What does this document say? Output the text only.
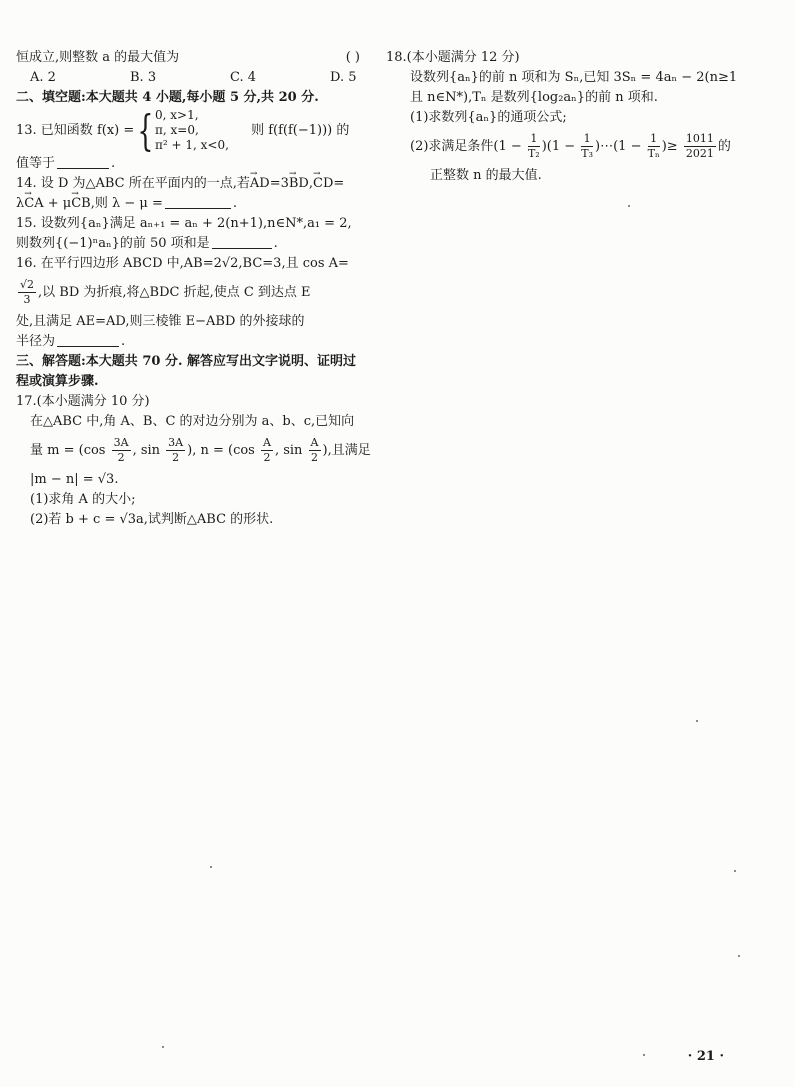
恒成立,则整数 a 的最大值为	( )
A. 2	B. 3	C. 4	D. 5
二、填空题:本大题共 4 小题,每小题 5 分,共 20 分.
13. 已知函数 f(x) ={ 0, x>1,
π, x=0,
π² + 1, x<0,
则 f(f(f(−1))) 的
值等于	.
14. 设 D 为△ABC 所在平面内的一点,若→ AD=3→ BD,→ CD=
λ→ CA + μ→ CB,则 λ − μ =	.
15. 设数列{aₙ}满足 aₙ₊₁ = aₙ + 2(n+1),n∈N*,a₁ = 2,
则数列{(−1)ⁿaₙ}的前 50 项和是	.
16. 在平行四边形 ABCD 中,AB=2√2,BC=3,且 cos A=
$\frac{√2}{3}$ ,以 BD 为折痕,将△BDC 折起,使点 C 到达点 E
处,且满足 AE=AD,则三棱锥 E−ABD 的外接球的
半径为	.
三、解答题:本大题共 70 分. 解答应写出文字说明、证明过
程或演算步骤.
17.(本小题满分 10 分)
在△ABC 中,角 A、B、C 的对边分别为 a、b、c,已知向
量 $m = (\cos \frac{3A}{2}$ , $\sin \frac{3A}{2}$ ), $n = (\cos \frac{A}{2}$ , $\sin \frac{A}{2}$ ),且满足
|m − n| = √3.
(1)求角 A 的大小;
(2)若 b + c = √3a,试判断△ABC 的形状.
18.(本小题满分 12 分)
设数列{aₙ}的前 n 项和为 Sₙ,已知 3Sₙ = 4aₙ − 2(n≥1
且 n∈N*),Tₙ 是数列{log₂aₙ}的前 n 项和.
(1)求数列{aₙ}的通项公式;
(2)求满足条件$(1 - \frac{1}{\text{T₂}} )(1 - \frac{1}{\text{T₃}}$ )⋯(1 − $\frac{1}{\text{Tₙ}}$ )≥ $\frac{1011}{2021}$ 的
正整数 n 的最大值.
· 21 ·
